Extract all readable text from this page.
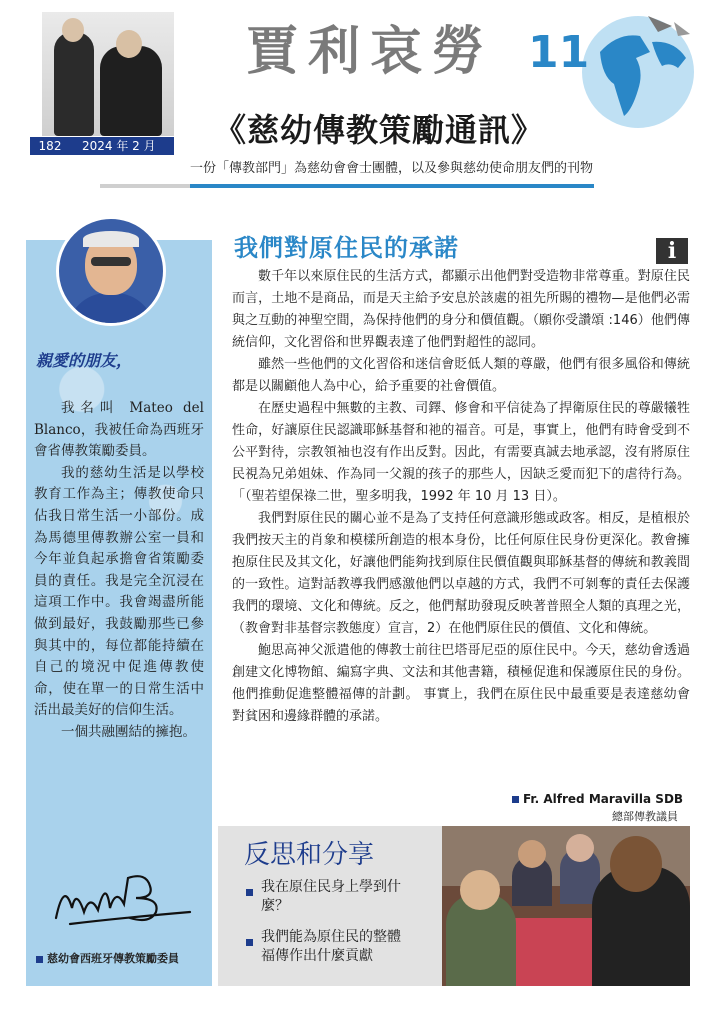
182	2024 年 2 月
賈利哀勞 11
《慈幼傳教策勵通訊》
一份「傳教部門」為慈幼會會士團體，以及參與慈幼使命朋友們的刊物
親愛的朋友，

我名叫 Mateo del Blanco，我被任命為西班牙會省傳教策勵委員。

我的慈幼生活是以學校教育工作為主；傳教使命只佔我日常生活一小部份。成為馬德里傳教辦公室一員和今年並負起承擔會省策勵委員的責任。我是完全沉浸在這項工作中。我會竭盡所能做到最好，我鼓勵那些已參與其中的，每位都能持續在自己的境況中促進傳教使命，使在單一的日常生活中活出最美好的信仰生活。

一個共融團結的擁抱。

慈幼會西班牙傳教策勵委員
我們對原住民的承諾	i

數千年以來原住民的生活方式，都顯示出他們對受造物非常尊重。對原住民而言，土地不是商品，而是天主給予安息於該處的祖先所賜的禮物—是他們必需與之互動的神聖空間，為保持他們的身分和價值觀。（願你受讚頌 :146）他們傳統信仰，文化習俗和世界觀表達了他們對超性的認同。

雖然一些他們的文化習俗和迷信會貶低人類的尊嚴，他們有很多風俗和傳統都是以關顧他人為中心，給予重要的社會價值。

在歷史過程中無數的主教、司鐸、修會和平信徒為了捍衛原住民的尊嚴犧牲性命，好讓原住民認識耶穌基督和祂的福音。可是，事實上，他們有時會受到不公平對待，宗教領袖也沒有作出反對。因此，有需要真誠去地承認，沒有將原住民視為兄弟姐妹、作為同一父親的孩子的那些人，因缺乏愛而犯下的虐待行為。「（聖若望保祿二世，聖多明我，1992 年 10 月 13 日）。

我們對原住民的關心並不是為了支持任何意識形態或政客。相反，是植根於我們按天主的肖象和模樣所創造的根本身份，比任何原住民身份更深化。教會擁抱原住民及其文化，好讓他們能夠找到原住民價值觀與耶穌基督的傳統和教義間的一致性。這對話教導我們感激他們以卓越的方式，我們不可剝奪的責任去保護我們的環境、文化和傳統。反之，他們幫助發現反映著普照全人類的真理之光，（教會對非基督宗教態度）宣言，2）在他們原住民的價值、文化和傳統。

鮑思高神父派遣他的傳教士前往巴塔哥尼亞的原住民中。今天，慈幼會透過創建文化博物館、編寫字典、文法和其他書籍，積極促進和保護原住民的身份。 他們推動促進整體福傳的計劃。 事實上，我們在原住民中最重要是表達慈幼會對貧困和邊緣群體的承諾。

Fr. Alfred Maravilla SDB
總部傳教議員
反思和分享
我在原住民身上學到什麼？
我們能為原住民的整體福傳作出什麼貢獻
